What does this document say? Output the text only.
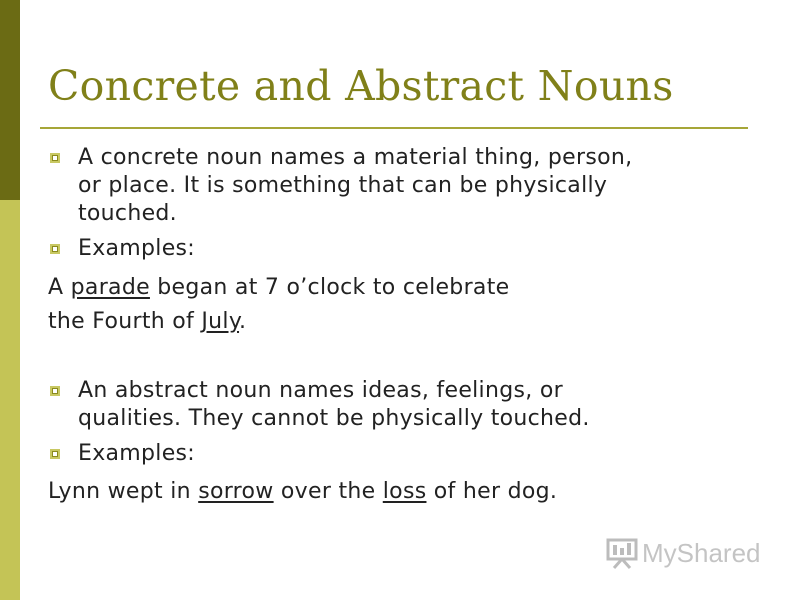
Concrete and Abstract Nouns
A concrete noun names a material thing, person,
or place. It is something that can be physically
touched.
Examples:
A parade began at 7 o’clock to celebrate
the Fourth of July.
An abstract noun names ideas, feelings, or
qualities. They cannot be physically touched.
Examples:
Lynn wept in sorrow over the loss of her dog.
MyShared
